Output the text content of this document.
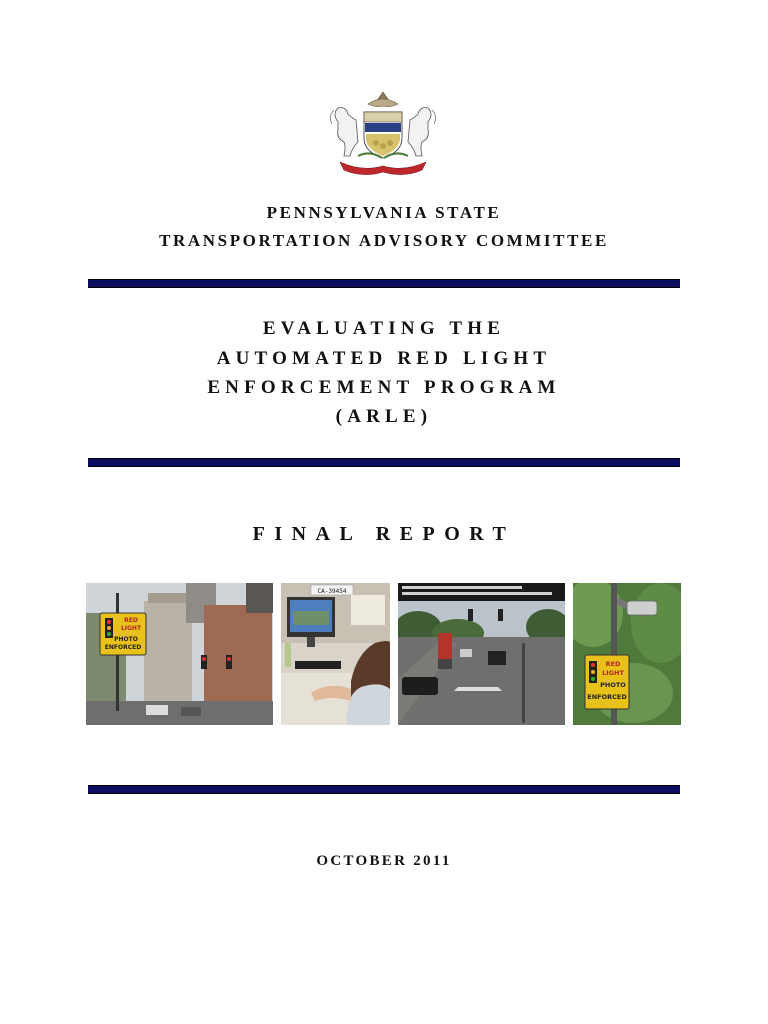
PENNSYLVANIA STATE
TRANSPORTATION ADVISORY COMMITTEE
EVALUATING THE
AUTOMATED RED LIGHT
ENFORCEMENT PROGRAM
(ARLE)
FINAL REPORT
RED
LIGHT
PHOTO
ENFORCED
CA-39454
RED
LIGHT
PHOTO
ENFORCED
OCTOBER 2011
